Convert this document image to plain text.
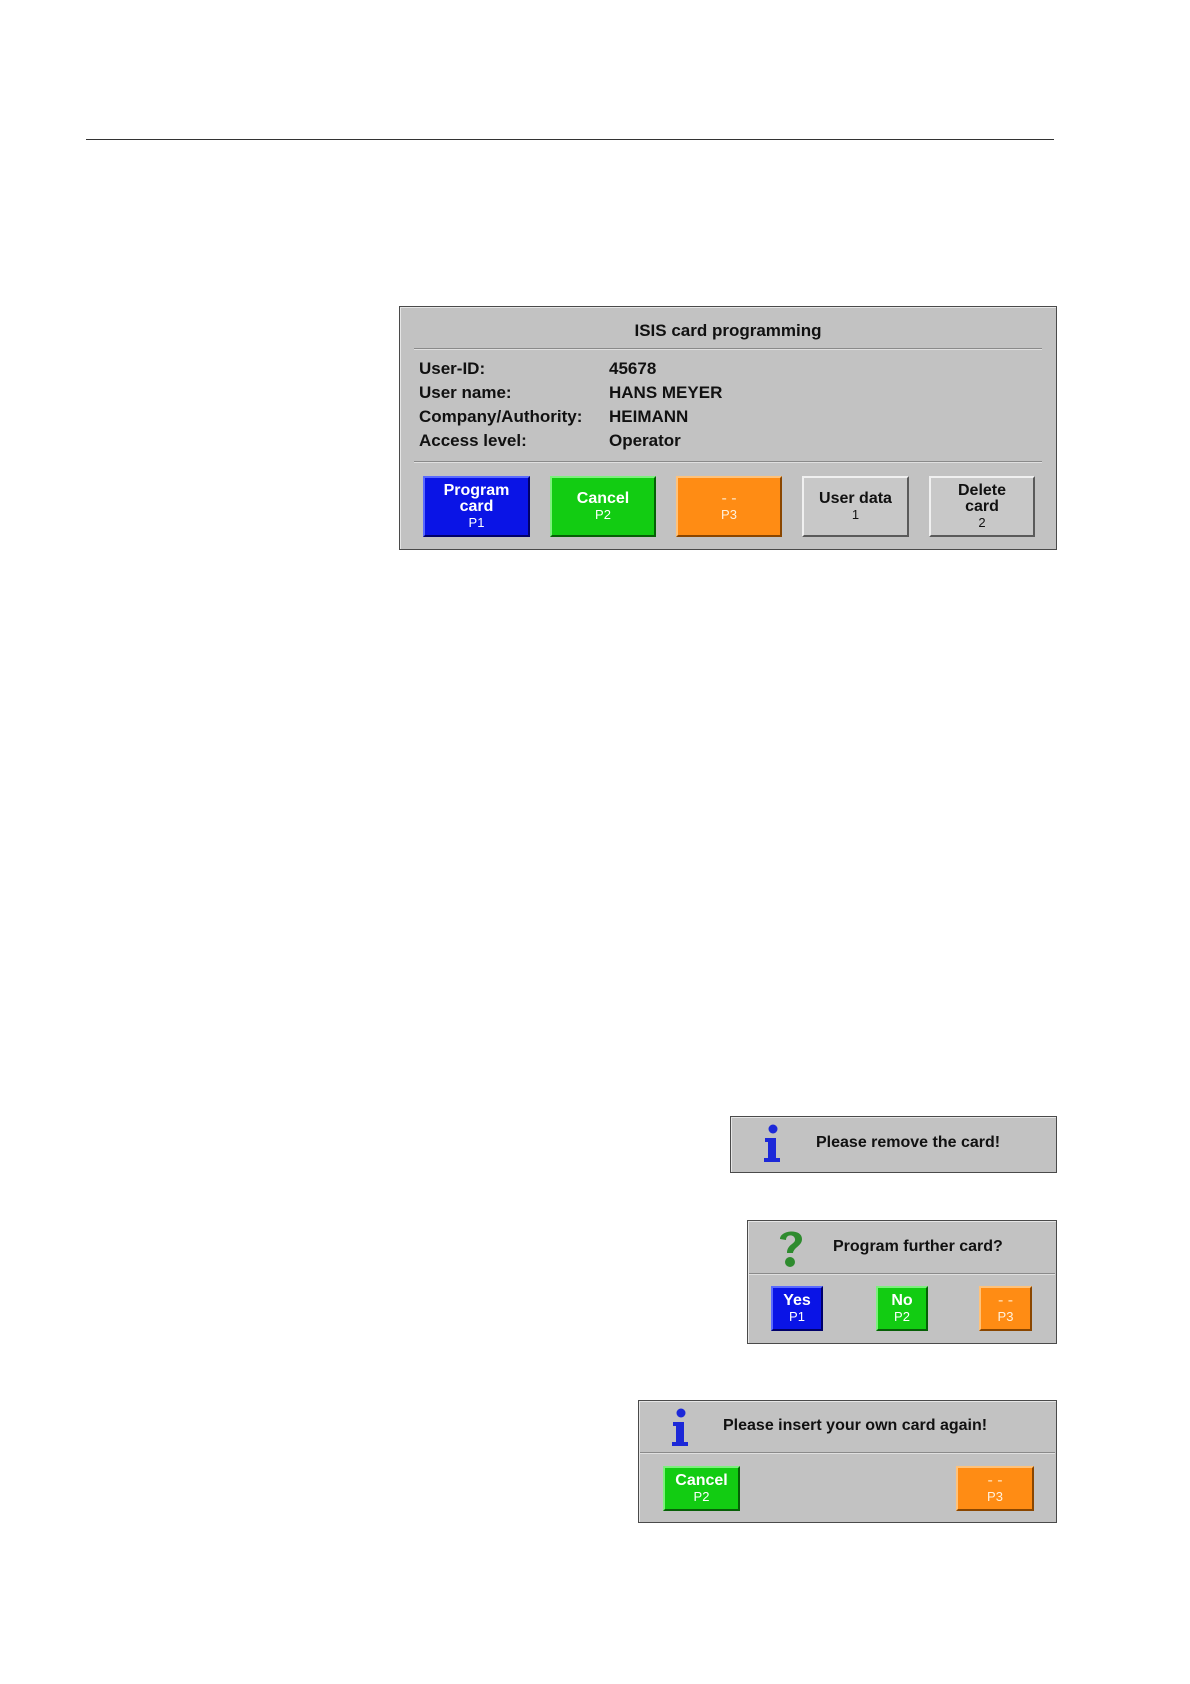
ISIS card programming
User-ID:	45678
User name:	HANS MEYER
Company/Authority: HEIMANN
Access level:	Operator
Program
card
P1
Cancel
P2
- -
P3
User data
1
Delete
card
2
Please remove the card!
Program further card?
Yes
P1
No
P2
- -
P3
Please insert your own card again!
Cancel
P2
- -
P3
